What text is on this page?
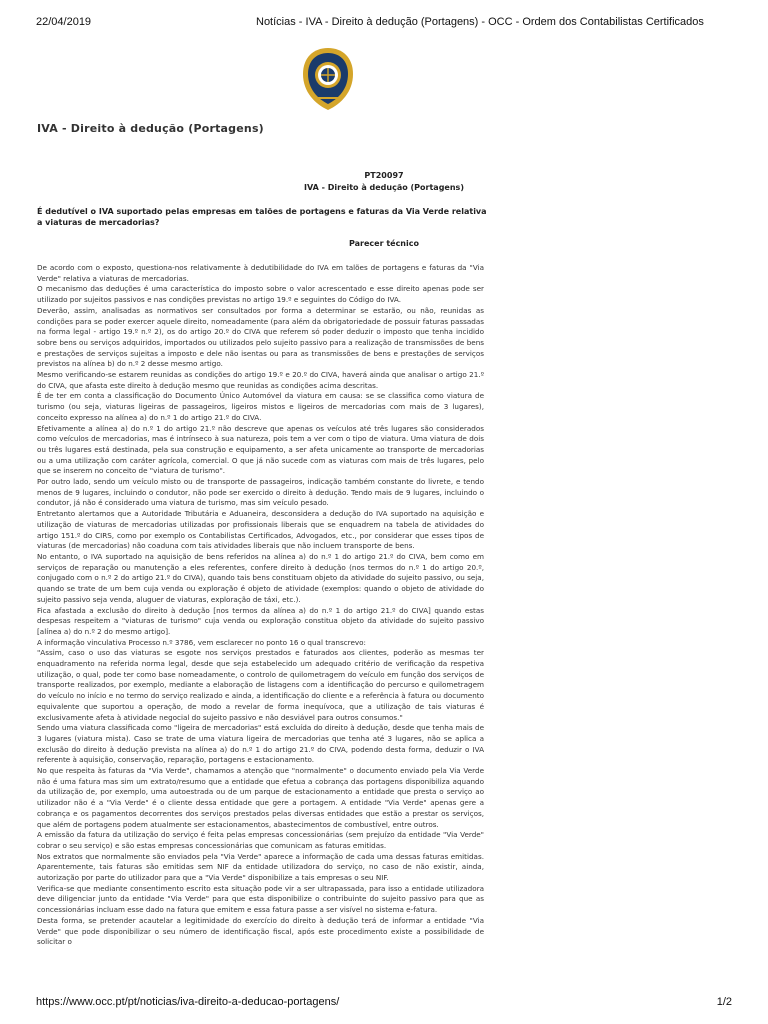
22/04/2019	Notícias - IVA - Direito à dedução (Portagens) - OCC - Ordem dos Contabilistas Certificados
IVA - Direito à dedução (Portagens)
PT20097
IVA - Direito à dedução (Portagens)
É dedutível o IVA suportado pelas empresas em talões de portagens e faturas da Via Verde relativa a viaturas de mercadorias?
Parecer técnico

De acordo com o exposto, questiona-nos relativamente à dedutibilidade do IVA em talões de portagens e faturas da "Via Verde" relativa a viaturas de mercadorias.

O mecanismo das deduções é uma característica do imposto sobre o valor acrescentado e esse direito apenas pode ser utilizado por sujeitos passivos e nas condições previstas no artigo 19.º e seguintes do Código do IVA.

Deverão, assim, analisadas as normativos ser consultados por forma a determinar se estarão, ou não, reunidas as condições para se poder exercer aquele direito, nomeadamente (para além da obrigatoriedade de possuir faturas passadas na forma legal - artigo 19.º n.º 2), os do artigo 20.º do CIVA que referem só poder deduzir o imposto que tenha incidido sobre bens ou serviços adquiridos, importados ou utilizados pelo sujeito passivo para a realização de transmissões de bens e prestações de serviços sujeitas a imposto e dele não isentas ou para as transmissões de bens e prestações de serviços previstos na alínea b) do n.º 2 desse mesmo artigo.

Mesmo verificando-se estarem reunidas as condições do artigo 19.º e 20.º do CIVA, haverá ainda que analisar o artigo 21.º do CIVA, que afasta este direito à dedução mesmo que reunidas as condições acima descritas.

É de ter em conta a classificação do Documento Único Automóvel da viatura em causa: se se classifica como viatura de turismo (ou seja, viaturas ligeiras de passageiros, ligeiros mistos e ligeiros de mercadorias com mais de 3 lugares), conceito expresso na alínea a) do n.º 1 do artigo 21.º do CIVA.

Efetivamente a alínea a) do n.º 1 do artigo 21.º não descreve que apenas os veículos até três lugares são considerados como veículos de mercadorias, mas é intrínseco à sua natureza, pois tem a ver com o tipo de viatura. Uma viatura de dois ou três lugares está destinada, pela sua construção e equipamento, a ser afeta unicamente ao transporte de mercadorias ou a uma utilização com caráter agrícola, comercial. O que já não sucede com as viaturas com mais de três lugares, pelo que se inserem no conceito de "viatura de turismo".

Por outro lado, sendo um veículo misto ou de transporte de passageiros, indicação também constante do livrete, e tendo menos de 9 lugares, incluindo o condutor, não pode ser exercido o direito à dedução. Tendo mais de 9 lugares, incluindo o condutor, já não é considerado uma viatura de turismo, mas sim veículo pesado.

Entretanto alertamos que a Autoridade Tributária e Aduaneira, desconsidera a dedução do IVA suportado na aquisição e utilização de viaturas de mercadorias utilizadas por profissionais liberais que se enquadrem na tabela de atividades do artigo 151.º do CIRS, como por exemplo os Contabilistas Certificados, Advogados, etc., por considerar que esses tipos de viaturas (de mercadorias) não coaduna com tais atividades liberais que não incluem transporte de bens.

No entanto, o IVA suportado na aquisição de bens referidos na alínea a) do n.º 1 do artigo 21.º do CIVA, bem como em serviços de reparação ou manutenção a eles referentes, confere direito à dedução (nos termos do n.º 1 do artigo 20.º, conjugado com o n.º 2 do artigo 21.º do CIVA), quando tais bens constituam objeto da atividade do sujeito passivo, ou seja, quando se trate de um bem cuja venda ou exploração é objeto de atividade (exemplos: quando o objeto de atividade do sujeito passivo seja venda, aluguer de viaturas, exploração de táxi, etc.).

Fica afastada a exclusão do direito à dedução [nos termos da alínea a) do n.º 1 do artigo 21.º do CIVA] quando estas despesas respeitem a "viaturas de turismo" cuja venda ou exploração constitua objeto da atividade do sujeito passivo [alínea a) do n.º 2 do mesmo artigo].

A informação vinculativa Processo n.º 3786, vem esclarecer no ponto 16 o qual transcrevo:

"Assim, caso o uso das viaturas se esgote nos serviços prestados e faturados aos clientes, poderão as mesmas ter enquadramento na referida norma legal, desde que seja estabelecido um adequado critério de verificação da respetiva utilização, o qual, pode ter como base nomeadamente, o controlo de quilometragem do veículo em função dos serviços de transporte realizados, por exemplo, mediante a elaboração de listagens com a identificação do percurso e quilometragem do veículo no início e no termo do serviço realizado e ainda, a identificação do cliente e a referência à fatura ou documento equivalente que suportou a operação, de modo a revelar de forma inequívoca, que a utilização de tais viaturas é exclusivamente afeta à atividade negocial do sujeito passivo e não desviável para outros consumos."

Sendo uma viatura classificada como "ligeira de mercadorias" está excluída do direito à dedução, desde que tenha mais de 3 lugares (viatura mista). Caso se trate de uma viatura ligeira de mercadorias que tenha até 3 lugares, não se aplica a exclusão do direito à dedução prevista na alínea a) do n.º 1 do artigo 21.º do CIVA, podendo desta forma, deduzir o IVA referente à aquisição, conservação, reparação, portagens e estacionamento.

No que respeita às faturas da "Via Verde", chamamos a atenção que "normalmente" o documento enviado pela Via Verde não é uma fatura mas sim um extrato/resumo que a entidade que efetua a cobrança das portagens disponibiliza aquando da utilização de, por exemplo, uma autoestrada ou de um parque de estacionamento a entidade que presta o serviço ao utilizador não é a "Via Verde" é o cliente dessa entidade que gere a portagem. A entidade "Via Verde" apenas gere a cobrança e os pagamentos decorrentes dos serviços prestados pelas diversas entidades que estão a prestar os serviços, que além de portagens podem atualmente ser estacionamentos, abastecimentos de combustível, entre outros.

A emissão da fatura da utilização do serviço é feita pelas empresas concessionárias (sem prejuízo da entidade "Via Verde" cobrar o seu serviço) e são estas empresas concessionárias que comunicam as faturas emitidas.

Nos extratos que normalmente são enviados pela "Via Verde" aparece a informação de cada uma dessas faturas emitidas. Aparentemente, tais faturas são emitidas sem NIF da entidade utilizadora do serviço, no caso de não existir, ainda, autorização por parte do utilizador para que a "Via Verde" disponibilize a tais empresas o seu NIF.

Verifica-se que mediante consentimento escrito esta situação pode vir a ser ultrapassada, para isso a entidade utilizadora deve diligenciar junto da entidade "Via Verde" para que esta disponibilize o contribuinte do sujeito passivo para que as concessionárias incluam esse dado na fatura que emitem e essa fatura passe a ser visível no sistema e-fatura.

Desta forma, se pretender acautelar a legitimidade do exercício do direito à dedução terá de informar a entidade "Via Verde" que pode disponibilizar o seu número de identificação fiscal, após este procedimento existe a possibilidade de solicitar o

https://www.occ.pt/pt/noticias/iva-direito-a-deducao-portagens/	1/2
